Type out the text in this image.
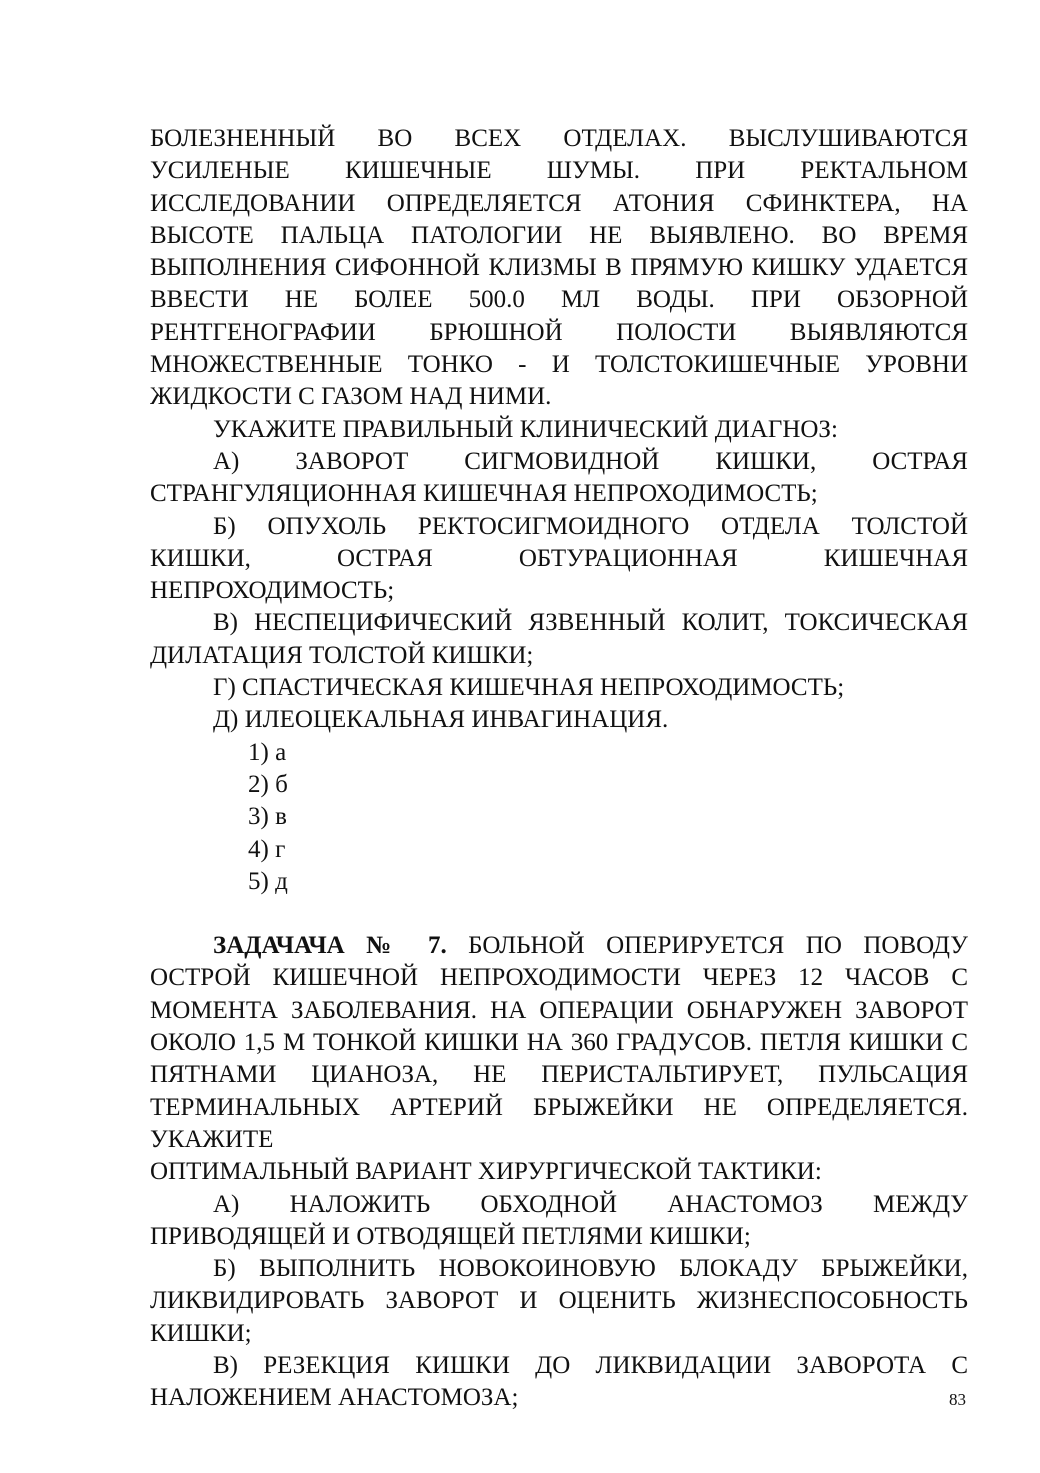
БОЛЕЗНЕННЫЙ ВО ВСЕХ ОТДЕЛАХ. ВЫСЛУШИВАЮТСЯ УСИЛЕНЫЕ КИШЕЧНЫЕ ШУМЫ. ПРИ РЕКТАЛЬНОМ ИССЛЕДОВАНИИ ОПРЕДЕЛЯЕТСЯ АТОНИЯ СФИНКТЕРА, НА ВЫСОТЕ ПАЛЬЦА ПАТОЛОГИИ НЕ ВЫЯВЛЕНО. ВО ВРЕМЯ ВЫПОЛНЕНИЯ СИФОННОЙ КЛИЗМЫ В ПРЯМУЮ КИШКУ УДАЕТСЯ ВВЕСТИ НЕ БОЛЕЕ 500.0 МЛ ВОДЫ. ПРИ ОБЗОРНОЙ РЕНТГЕНОГРАФИИ БРЮШНОЙ ПОЛОСТИ ВЫЯВЛЯЮТСЯ МНОЖЕСТВЕННЫЕ ТОНКО - И ТОЛСТОКИШЕЧНЫЕ УРОВНИ ЖИДКОСТИ С ГАЗОМ НАД НИМИ.

УКАЖИТЕ ПРАВИЛЬНЫЙ КЛИНИЧЕСКИЙ ДИАГНОЗ:

А) ЗАВОРОТ СИГМОВИДНОЙ КИШКИ, ОСТРАЯ СТРАНГУЛЯЦИОННАЯ КИШЕЧНАЯ НЕПРОХОДИМОСТЬ;

Б) ОПУХОЛЬ РЕКТОСИГМОИДНОГО ОТДЕЛА ТОЛСТОЙ КИШКИ, ОСТРАЯ ОБТУРАЦИОННАЯ КИШЕЧНАЯ НЕПРОХОДИМОСТЬ;

В) НЕСПЕЦИФИЧЕСКИЙ ЯЗВЕННЫЙ КОЛИТ, ТОКСИЧЕСКАЯ ДИЛАТАЦИЯ ТОЛСТОЙ КИШКИ;

Г) СПАСТИЧЕСКАЯ КИШЕЧНАЯ НЕПРОХОДИМОСТЬ;

Д) ИЛЕОЦЕКАЛЬНАЯ ИНВАГИНАЦИЯ.

1) а

2) б

3) в

4) г

5) д

ЗАДАЧАЧА № 7. БОЛЬНОЙ ОПЕРИРУЕТСЯ ПО ПОВОДУ ОСТРОЙ КИШЕЧНОЙ НЕПРОХОДИМОСТИ ЧЕРЕЗ 12 ЧАСОВ С МОМЕНТА ЗАБОЛЕВАНИЯ. НА ОПЕРАЦИИ ОБНАРУЖЕН ЗАВОРОТ ОКОЛО 1,5 М ТОНКОЙ КИШКИ НА 360 ГРАДУСОВ. ПЕТЛЯ КИШКИ С ПЯТНАМИ ЦИАНОЗА, НЕ ПЕРИСТАЛЬТИРУЕТ, ПУЛЬСАЦИЯ ТЕРМИНАЛЬНЫХ АРТЕРИЙ БРЫЖЕЙКИ НЕ ОПРЕДЕЛЯЕТСЯ. УКАЖИТЕ

ОПТИМАЛЬНЫЙ ВАРИАНТ ХИРУРГИЧЕСКОЙ ТАКТИКИ:

А) НАЛОЖИТЬ ОБХОДНОЙ АНАСТОМОЗ МЕЖДУ ПРИВОДЯЩЕЙ И ОТВОДЯЩЕЙ ПЕТЛЯМИ КИШКИ;

Б) ВЫПОЛНИТЬ НОВОКОИНОВУЮ БЛОКАДУ БРЫЖЕЙКИ, ЛИКВИДИРОВАТЬ ЗАВОРОТ И ОЦЕНИТЬ ЖИЗНЕСПОСОБНОСТЬ КИШКИ;

В) РЕЗЕКЦИЯ КИШКИ ДО ЛИКВИДАЦИИ ЗАВОРОТА С НАЛОЖЕНИЕМ АНАСТОМОЗА;	83
